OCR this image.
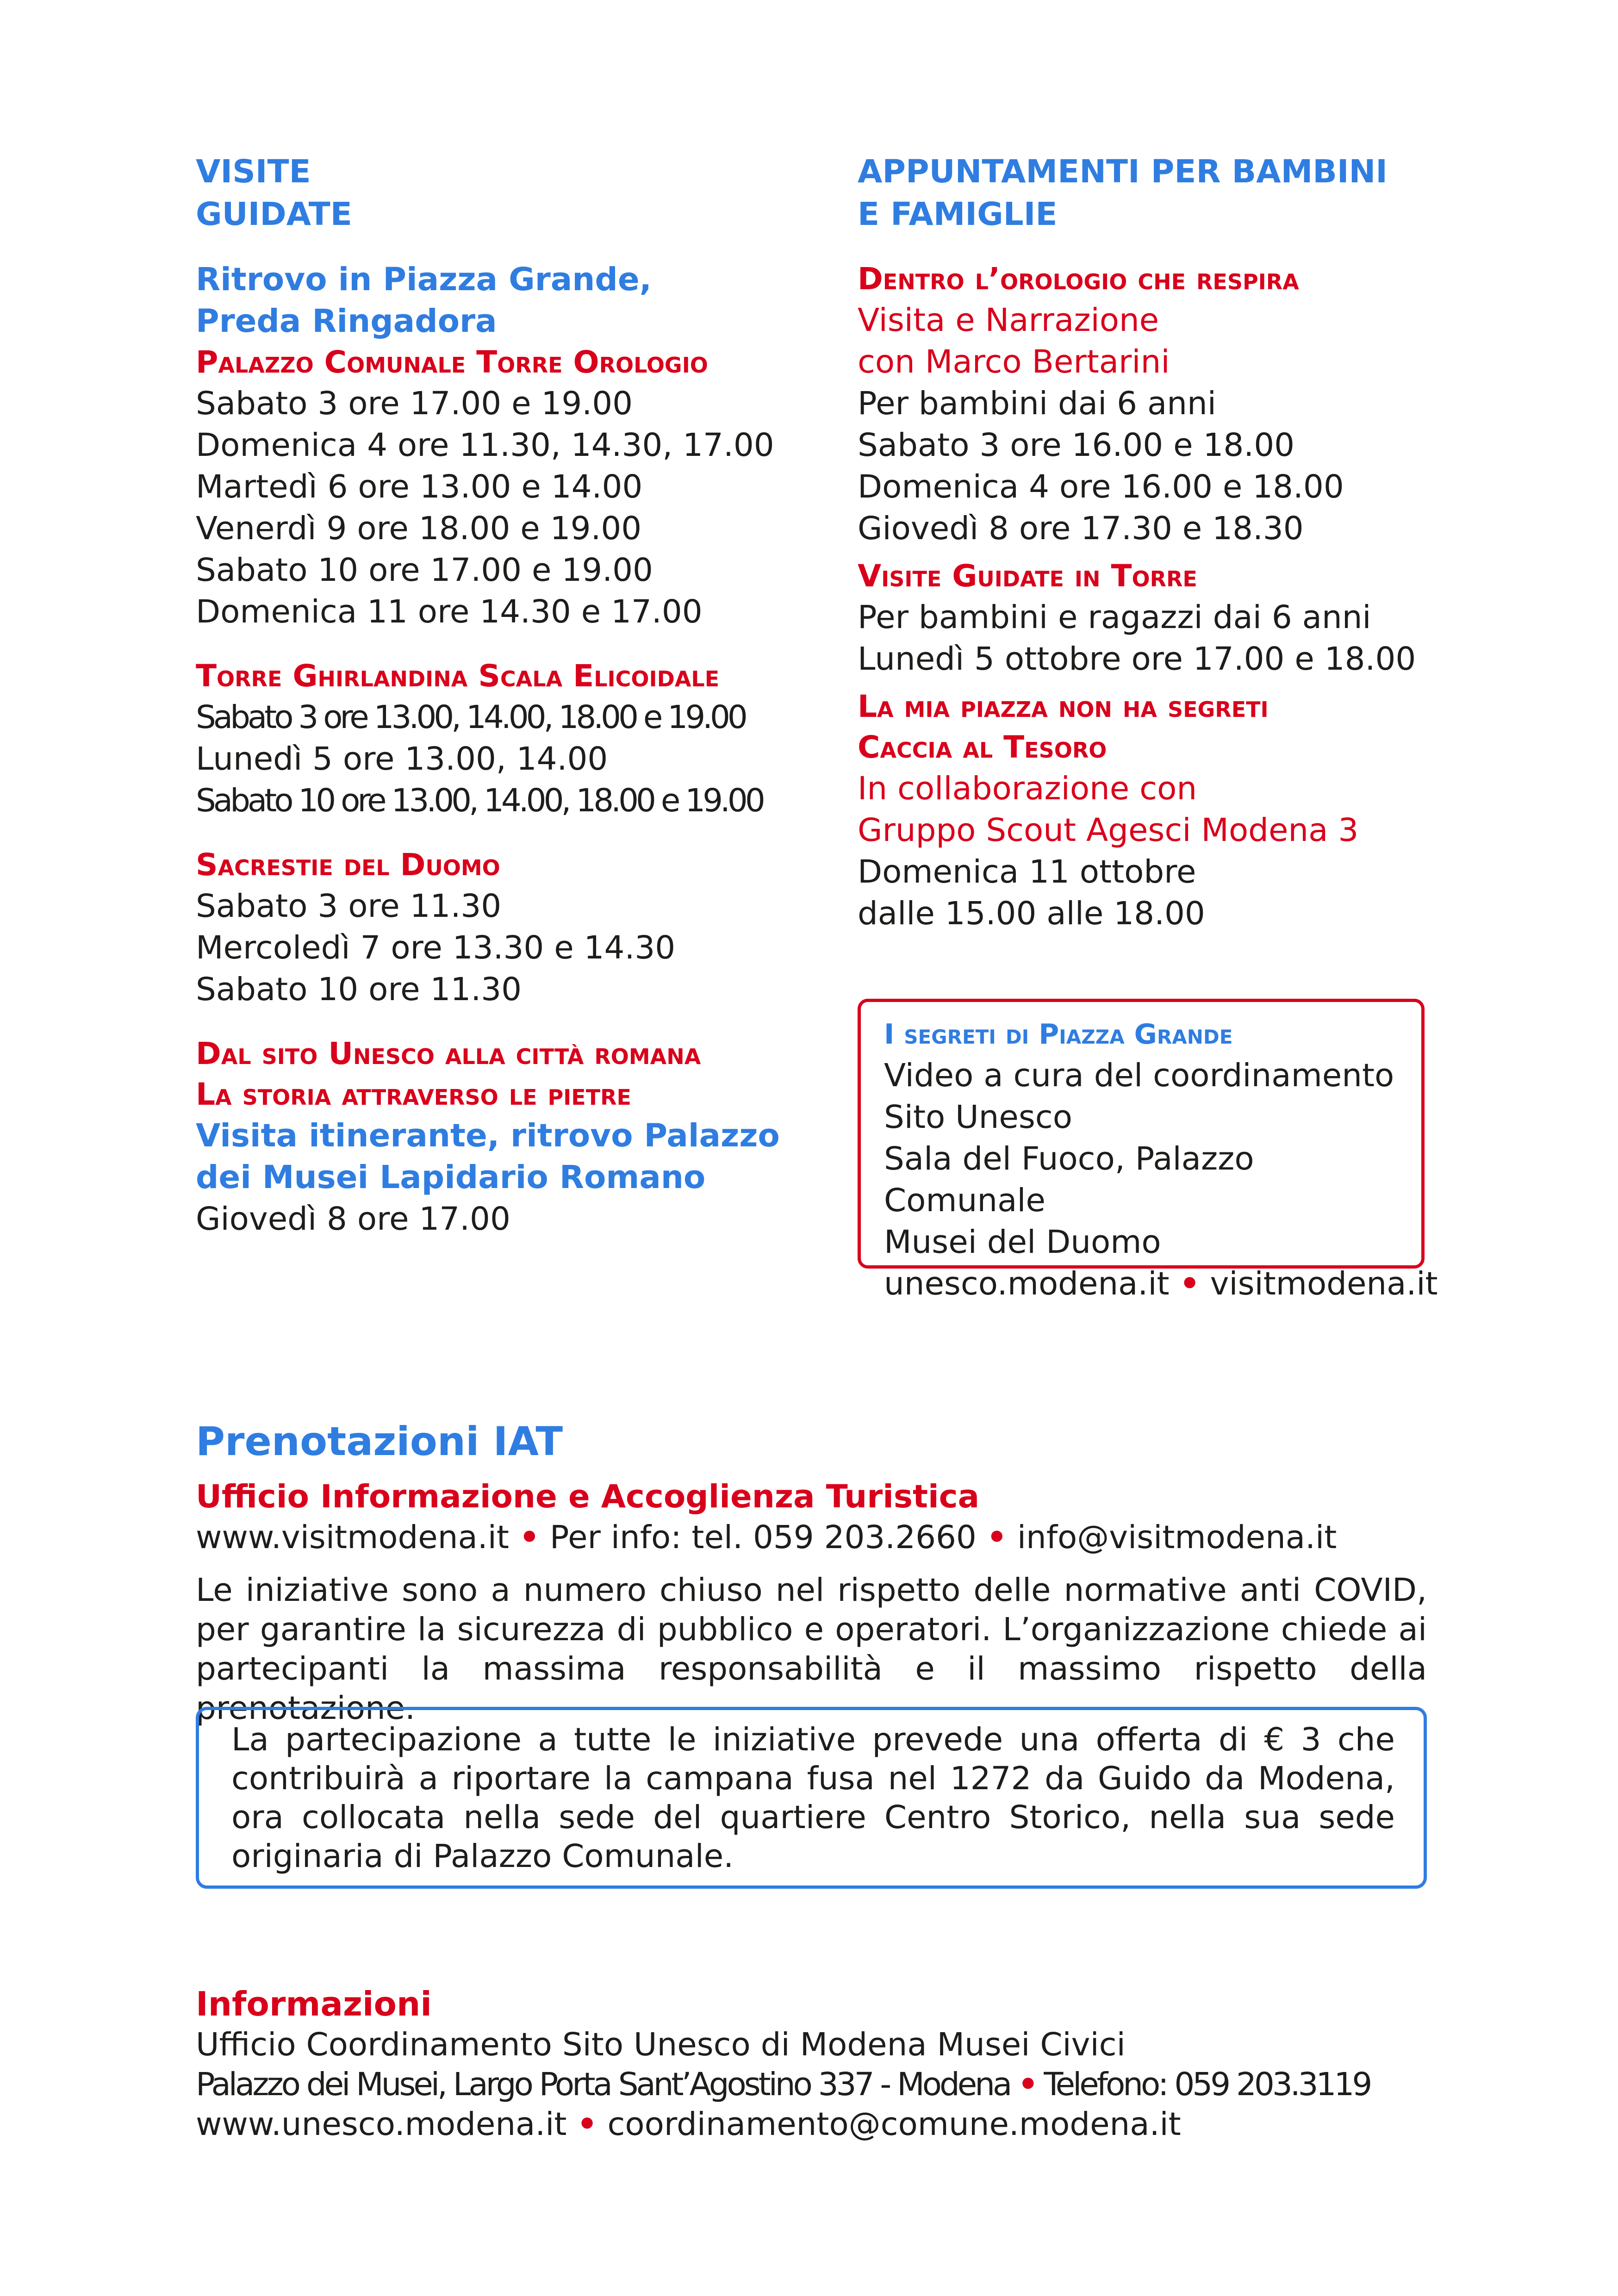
VISITE

GUIDATE

Ritrovo in Piazza Grande,
Preda Ringadora

Palazzo Comunale Torre Orologio

Sabato 3 ore 17.00 e 19.00
Domenica 4 ore 11.30, 14.30, 17.00
Martedì 6 ore 13.00 e 14.00
Venerdì 9 ore 18.00 e 19.00
Sabato 10 ore 17.00 e 19.00
Domenica 11 ore 14.30 e 17.00

Torre Ghirlandina Scala Elicoidale

Sabato 3 ore 13.00, 14.00, 18.00 e 19.00
Lunedì 5 ore 13.00, 14.00
Sabato 10 ore 13.00, 14.00, 18.00 e 19.00

Sacrestie del Duomo

Sabato 3 ore 11.30
Mercoledì 7 ore 13.30 e 14.30
Sabato 10 ore 11.30

Dal sito Unesco alla città romana

La storia attraverso le pietre

Visita itinerante, ritrovo Palazzo
dei Musei Lapidario Romano
Giovedì 8 ore 17.00

APPUNTAMENTI PER BAMBINI

E FAMIGLIE

Dentro l’orologio che respira

Visita e Narrazione
con Marco Bertarini
Per bambini dai 6 anni
Sabato 3 ore 16.00 e 18.00
Domenica 4 ore 16.00 e 18.00
Giovedì 8 ore 17.30 e 18.30

Visite Guidate in Torre

Per bambini e ragazzi dai 6 anni
Lunedì 5 ottobre ore 17.00 e 18.00

La mia piazza non ha segreti

Caccia al Tesoro

In collaborazione con
Gruppo Scout Agesci Modena 3
Domenica 11 ottobre
dalle 15.00 alle 18.00

I segreti di Piazza Grande

Video a cura del coordinamento
Sito Unesco
Sala del Fuoco, Palazzo Comunale
Musei del Duomo
unesco.modena.it • visitmodena.it

Prenotazioni IAT

Ufficio Informazione e Accoglienza Turistica

www.visitmodena.it • Per info: tel. 059 203.2660 • info@visitmodena.it

Le iniziative sono a numero chiuso nel rispetto delle normative anti COVID, per garantire la sicurezza di pubblico e operatori. L’organizzazione chiede ai partecipanti la massima responsabilità e il massimo rispetto della prenotazione.

La partecipazione a tutte le iniziative prevede una offerta di € 3 che contribuirà a riportare la campana fusa nel 1272 da Guido da Modena, ora collocata nella sede del quartiere Centro Storico, nella sua sede originaria di Palazzo Comunale.

Informazioni

Ufficio Coordinamento Sito Unesco di Modena Musei Civici
Palazzo dei Musei, Largo Porta Sant’Agostino 337 - Modena • Telefono: 059 203.3119
www.unesco.modena.it • coordinamento@comune.modena.it
